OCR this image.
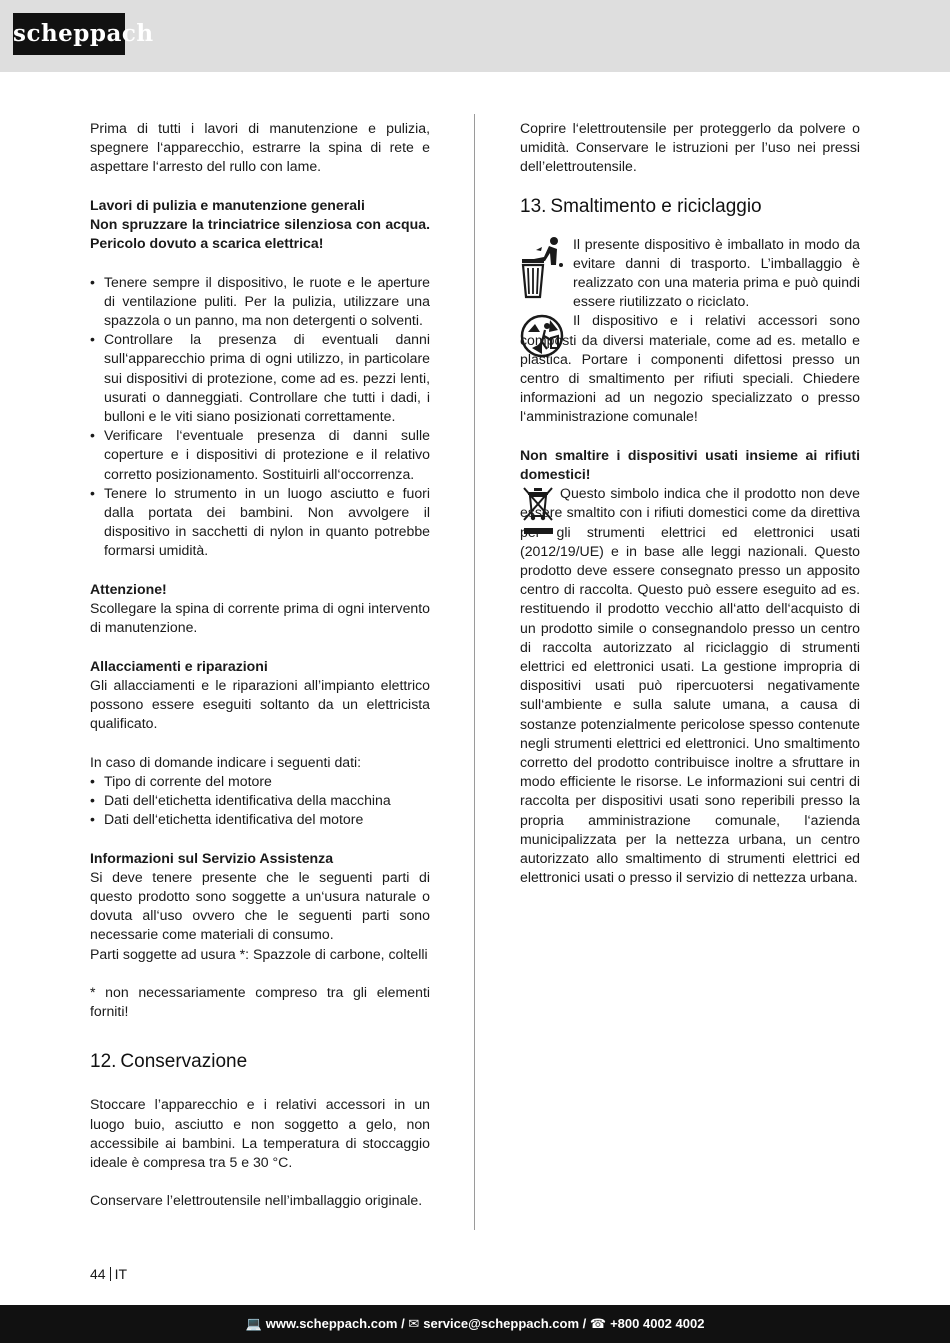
scheppach

Prima di tutti i lavori di manutenzione e pulizia, spegnere l‘apparecchio, estrarre la spina di rete e aspettare l‘arresto del rullo con lame.

Lavori di pulizia e manutenzione generali

Non spruzzare la trinciatrice silenziosa con acqua. Pericolo dovuto a scarica elettrica!

• Tenere sempre il dispositivo, le ruote e le aperture di ventilazione puliti. Per la pulizia, utilizzare una spazzola o un panno, ma non detergenti o solventi.
• Controllare la presenza di eventuali danni sull‘apparecchio prima di ogni utilizzo, in particolare sui dispositivi di protezione, come ad es. pezzi lenti, usurati o danneggiati. Controllare che tutti i dadi, i bulloni e le viti siano posizionati correttamente.
• Verificare l‘eventuale presenza di danni sulle coperture e i dispositivi di protezione e il relativo corretto posizionamento. Sostituirli all‘occorrenza.
• Tenere lo strumento in un luogo asciutto e fuori dalla portata dei bambini. Non avvolgere il dispositivo in sacchetti di nylon in quanto potrebbe formarsi umidità.

Attenzione!

Scollegare la spina di corrente prima di ogni intervento di manutenzione.

Allacciamenti e riparazioni

Gli allacciamenti e le riparazioni all’impianto elettrico possono essere eseguiti soltanto da un elettricista qualificato.

In caso di domande indicare i seguenti dati:

• Tipo di corrente del motore
• Dati dell‘etichetta identificativa della macchina
• Dati dell‘etichetta identificativa del motore

Informazioni sul Servizio Assistenza

Si deve tenere presente che le seguenti parti di questo prodotto sono soggette a un‘usura naturale o dovuta all‘uso ovvero che le seguenti parti sono necessarie come materiali di consumo.

Parti soggette ad usura *: Spazzole di carbone, coltelli

* non necessariamente compreso tra gli elementi forniti!

12. Conservazione

Stoccare l’apparecchio e i relativi accessori in un luogo buio, asciutto e non soggetto a gelo, non accessibile ai bambini. La temperatura di stoccaggio ideale è compresa tra 5 e 30 °C.

Conservare l’elettroutensile nell’imballaggio originale.

Coprire l‘elettroutensile per proteggerlo da polvere o umidità. Conservare le istruzioni per l’uso nei pressi dell’elettroutensile.

13. Smaltimento e riciclaggio

Il presente dispositivo è imballato in modo da evitare danni di trasporto. L’imballaggio è realizzato con una materia prima e può quindi essere riutilizzato o riciclato.

Il dispositivo e i relativi accessori sono composti da diversi materiale, come ad es. metallo e plastica. Portare i componenti difettosi presso un centro di smaltimento per rifiuti speciali. Chiedere informazioni ad un negozio specializzato o presso l‘amministrazione comunale!

Non smaltire i dispositivi usati insieme ai rifiuti domestici!

Questo simbolo indica che il prodotto non deve essere smaltito con i rifiuti domestici come da direttiva per gli strumenti elettrici ed elettronici usati (2012/19/UE) e in base alle leggi nazionali. Questo prodotto deve essere consegnato presso un apposito centro di raccolta. Questo può essere eseguito ad es. restituendo il prodotto vecchio all‘atto dell‘acquisto di un prodotto simile o consegnandolo presso un centro di raccolta autorizzato al riciclaggio di strumenti elettrici ed elettronici usati. La gestione impropria di dispositivi usati può ripercuotersi negativamente sull‘ambiente e sulla salute umana, a causa di sostanze potenzialmente pericolose spesso contenute negli strumenti elettrici ed elettronici. Uno smaltimento corretto del prodotto contribuisce inoltre a sfruttare in modo efficiente le risorse. Le informazioni sui centri di raccolta per dispositivi usati sono reperibili presso la propria amministrazione comunale, l‘azienda municipalizzata per la nettezza urbana, un centro autorizzato allo smaltimento di strumenti elettrici ed elettronici usati o presso il servizio di nettezza urbana.

44 IT
💻 www.scheppach.com / ✉ service@scheppach.com / ☎ +800 4002 4002
